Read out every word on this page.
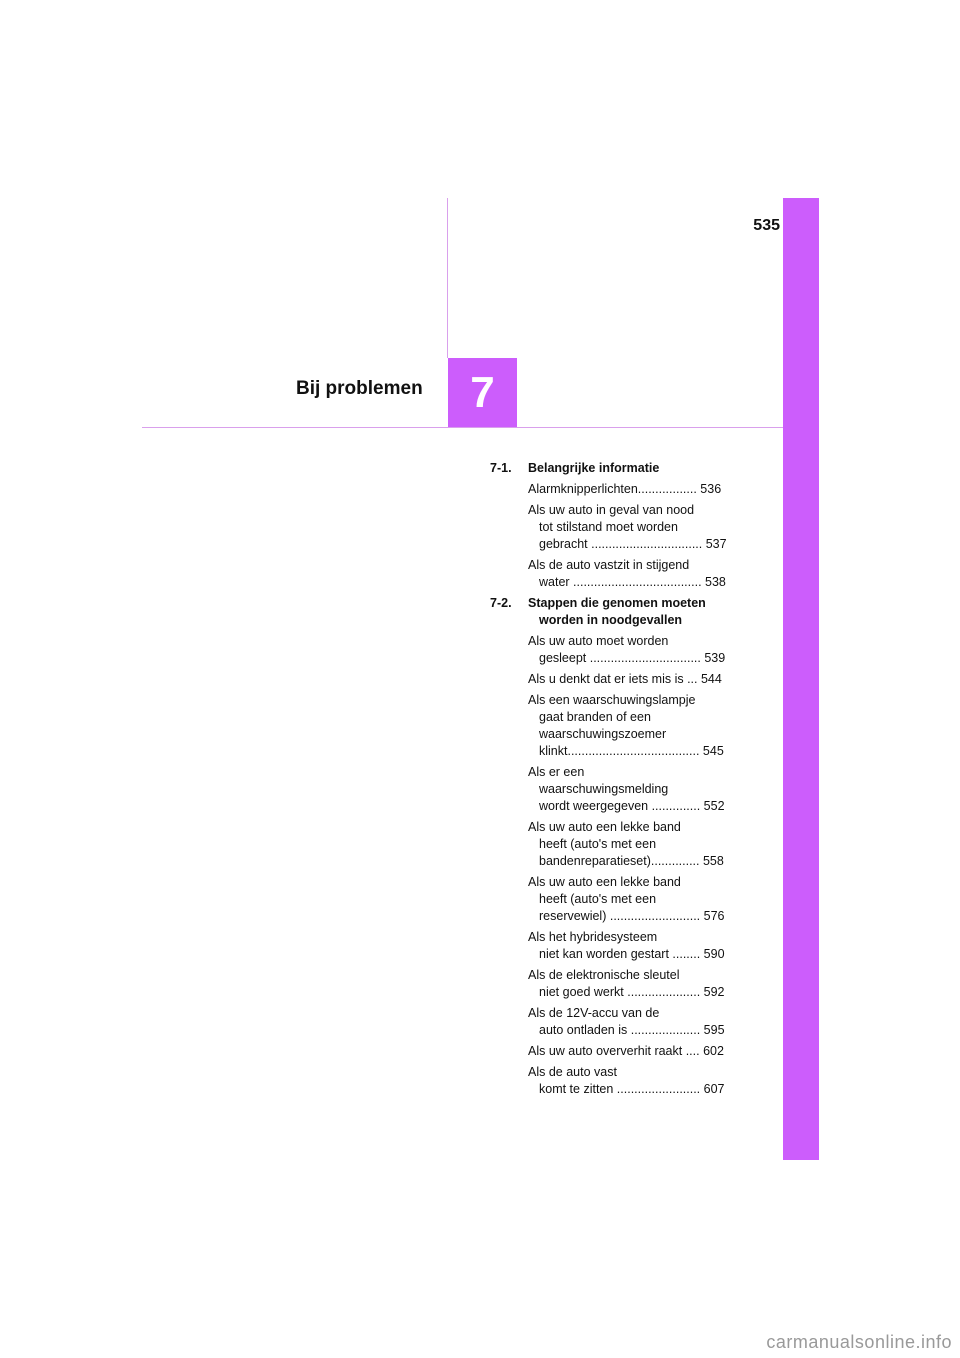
535
7
Bij problemen
7-1.	Belangrijke informatie
Alarmknipperlichten................. 536
Als uw auto in geval van nood
tot stilstand moet worden
gebracht ................................ 537
Als de auto vastzit in stijgend
water ..................................... 538
7-2.	Stappen die genomen moeten
worden in noodgevallen
Als uw auto moet worden
gesleept ................................ 539
Als u denkt dat er iets mis is ... 544
Als een waarschuwingslampje
gaat branden of een
waarschuwingszoemer
klinkt...................................... 545
Als er een
waarschuwingsmelding
wordt weergegeven .............. 552
Als uw auto een lekke band
heeft (auto's met een
bandenreparatieset).............. 558
Als uw auto een lekke band
heeft (auto's met een
reservewiel) .......................... 576
Als het hybridesysteem
niet kan worden gestart ........ 590
Als de elektronische sleutel
niet goed werkt ..................... 592
Als de 12V-accu van de
auto ontladen is .................... 595
Als uw auto oververhit raakt .... 602
Als de auto vast
komt te zitten ........................ 607
carmanualsonline.info
